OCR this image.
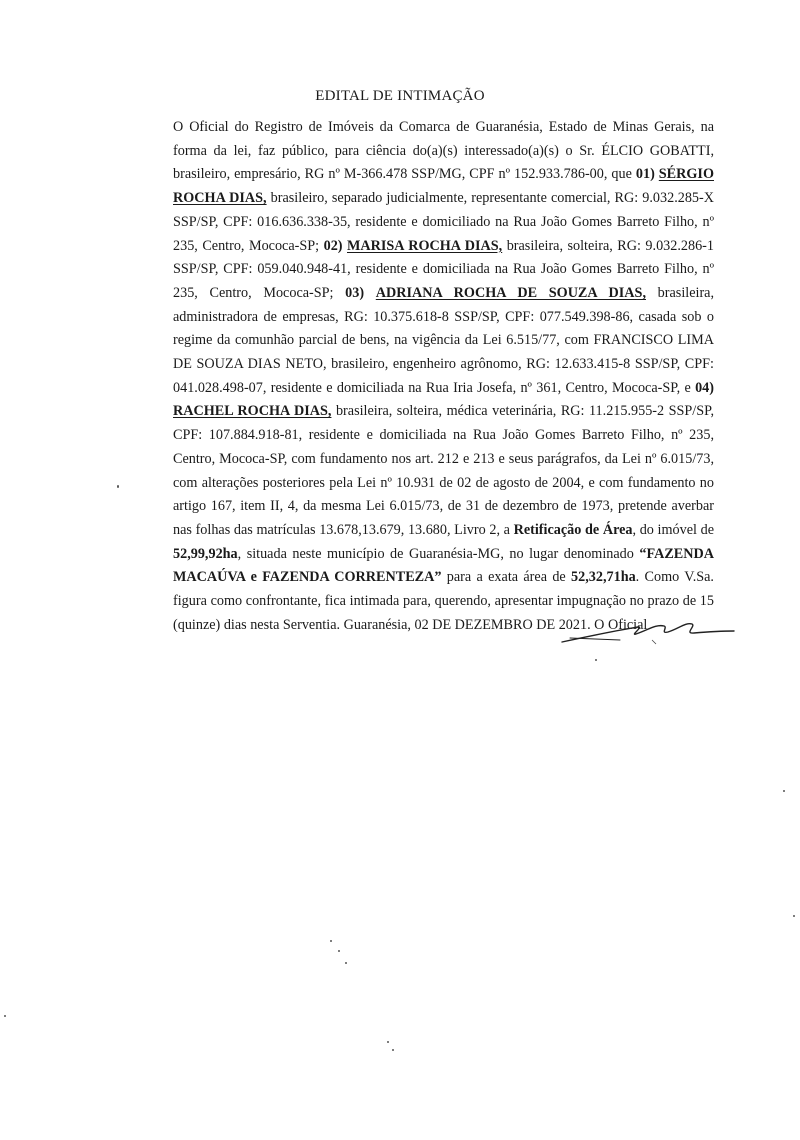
EDITAL DE INTIMAÇÃO
O Oficial do Registro de Imóveis da Comarca de Guaranésia, Estado de Minas Gerais, na forma da lei, faz público, para ciência do(a)(s) interessado(a)(s) o Sr. ÉLCIO GOBATTI, brasileiro, empresário, RG nº M-366.478 SSP/MG, CPF nº 152.933.786-00, que 01) SÉRGIO ROCHA DIAS, brasileiro, separado judicialmente, representante comercial, RG: 9.032.285-X SSP/SP, CPF: 016.636.338-35, residente e domiciliado na Rua João Gomes Barreto Filho, nº 235, Centro, Mococa-SP; 02) MARISA ROCHA DIAS, brasileira, solteira, RG: 9.032.286-1 SSP/SP, CPF: 059.040.948-41, residente e domiciliada na Rua João Gomes Barreto Filho, nº 235, Centro, Mococa-SP; 03) ADRIANA ROCHA DE SOUZA DIAS, brasileira, administradora de empresas, RG: 10.375.618-8 SSP/SP, CPF: 077.549.398-86, casada sob o regime da comunhão parcial de bens, na vigência da Lei 6.515/77, com FRANCISCO LIMA DE SOUZA DIAS NETO, brasileiro, engenheiro agrônomo, RG: 12.633.415-8 SSP/SP, CPF: 041.028.498-07, residente e domiciliada na Rua Iria Josefa, nº 361, Centro, Mococa-SP, e 04) RACHEL ROCHA DIAS, brasileira, solteira, médica veterinária, RG: 11.215.955-2 SSP/SP, CPF: 107.884.918-81, residente e domiciliada na Rua João Gomes Barreto Filho, nº 235, Centro, Mococa-SP, com fundamento nos art. 212 e 213 e seus parágrafos, da Lei nº 6.015/73, com alterações posteriores pela Lei nº 10.931 de 02 de agosto de 2004, e com fundamento no artigo 167, item II, 4, da mesma Lei 6.015/73, de 31 de dezembro de 1973, pretende averbar nas folhas das matrículas 13.678,13.679, 13.680, Livro 2, a Retificação de Área, do imóvel de 52,99,92ha, situada neste município de Guaranésia-MG, no lugar denominado “FAZENDA MACAÚVA e FAZENDA CORRENTEZA” para a exata área de 52,32,71ha. Como V.Sa. figura como confrontante, fica intimada para, querendo, apresentar impugnação no prazo de 15 (quinze) dias nesta Serventia. Guaranésia, 02 DE DEZEMBRO DE 2021. O Oficial
